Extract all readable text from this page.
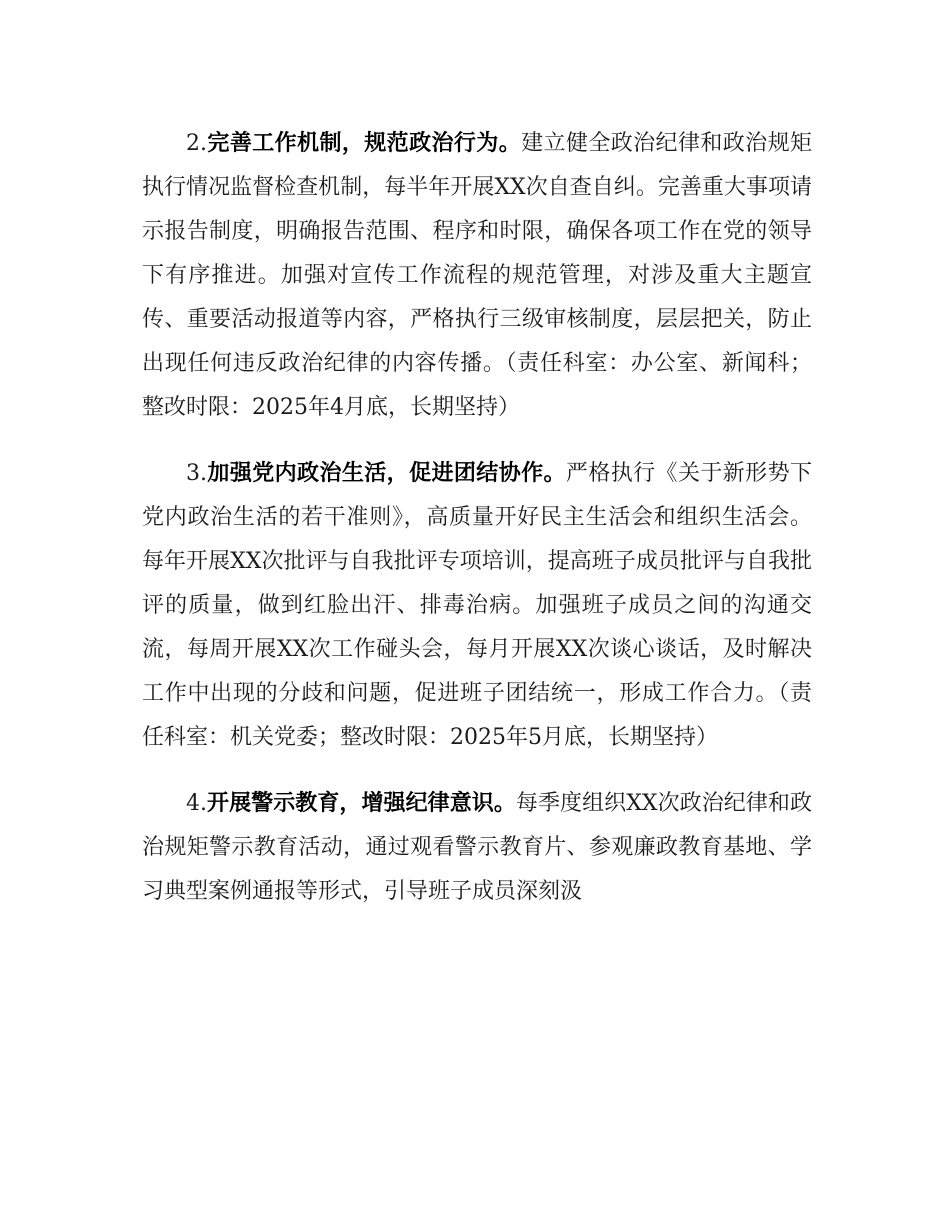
2.完善工作机制，规范政治行为。建立健全政治纪律和政治规矩执行情况监督检查机制，每半年开展XX次自查自纠。完善重大事项请示报告制度，明确报告范围、程序和时限，确保各项工作在党的领导下有序推进。加强对宣传工作流程的规范管理，对涉及重大主题宣传、重要活动报道等内容，严格执行三级审核制度，层层把关，防止出现任何违反政治纪律的内容传播。（责任科室：办公室、新闻科；整改时限：2025年4月底，长期坚持）

3.加强党内政治生活，促进团结协作。严格执行《关于新形势下党内政治生活的若干准则》，高质量开好民主生活会和组织生活会。每年开展XX次批评与自我批评专项培训，提高班子成员批评与自我批评的质量，做到红脸出汗、排毒治病。加强班子成员之间的沟通交流，每周开展XX次工作碰头会，每月开展XX次谈心谈话，及时解决工作中出现的分歧和问题，促进班子团结统一，形成工作合力。（责任科室：机关党委；整改时限：2025年5月底，长期坚持）

4.开展警示教育，增强纪律意识。每季度组织XX次政治纪律和政治规矩警示教育活动，通过观看警示教育片、参观廉政教育基地、学习典型案例通报等形式，引导班子成员深刻汲
